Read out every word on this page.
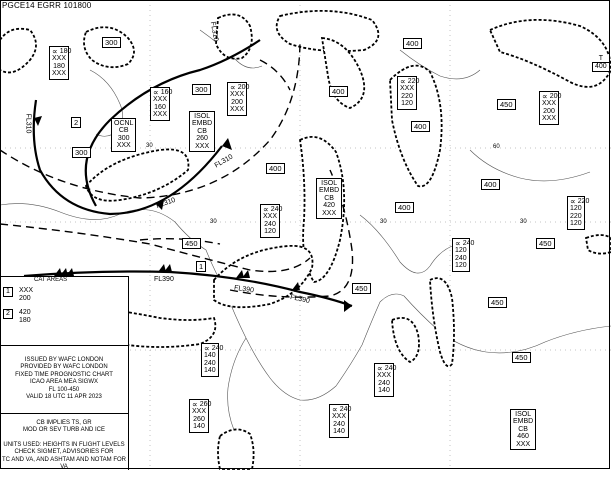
PGCE14 EGRR 101800
FL310
FL310
FL310
FL390
FL390
FL390
FL310
300
300
300
400
400
400
400
400
450
450
450
450
450
450
400
T
400
OCNL
CB
300
XXX
ISOL
EMBD
CB
260
XXX
ISOL
EMBD
CB
420
XXX
ISOL
EMBD
CB
460
XXX
∝ 180
XXX
180
XXX
∝ 160
XXX
160
XXX
∝ 200
XXX
200
XXX
∝ 220
XXX
220
120
∝ 200
XXX
200
XXX
∝ 240
XXX
240
120
∝ 220
120
220
120
∝ 240
120
240
120
∝ 240
140
240
140	∝ 240
XXX
240
140
∝ 260
XXX
260
140
∝ 240
XXX
240
140
1
2
30
30	30	30
60
CAT AREAS
1 XXX
200
2 420
180
ISSUED BY WAFC LONDON
PROVIDED BY WAFC LONDON
FIXED TIME PROGNOSTIC CHART
ICAO AREA MEA SIGWX
FL 100-450
VALID 18 UTC 11 APR 2023
CB IMPLIES TS, GR
MOD OR SEV TURB AND ICE
UNITS USED: HEIGHTS IN FLIGHT LEVELS
CHECK SIGMET, ADVISORIES FOR
TC AND VA, AND ASHTAM AND NOTAM FOR VA
